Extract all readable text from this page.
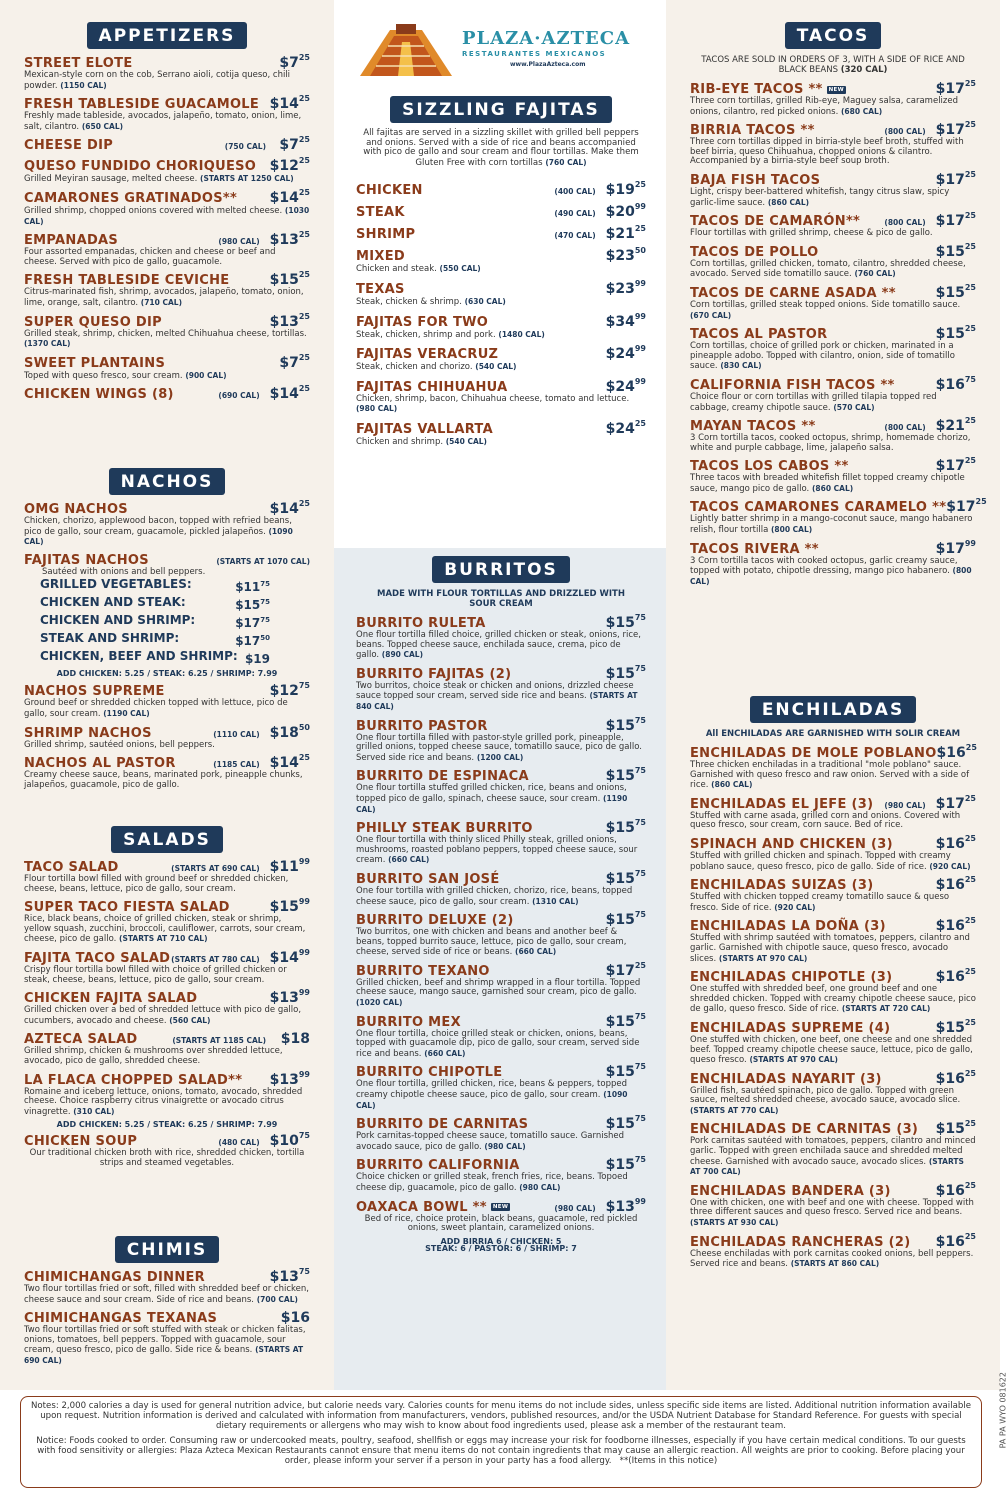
PLAZA·AZTECA
RESTAURANTES MEXICANOS
www.PlazaAzteca.com
APPETIZERS
STREET ELOTE	$\$7^{25}$
Mexican-style corn on the cob, Serrano aioli, cotija queso, chili powder. (1150 CAL)
FRESH TABLESIDE GUACAMOLE $\$14^{25}$
Freshly made tableside, avocados, jalapeño, tomato, onion, lime, salt, cilantro. (650 CAL)
CHEESE DIP	(750 CAL) $\$7^{25}$
QUESO FUNDIDO CHORIQUESO $\$12^{25}$
Grilled Meyiran sausage, melted cheese. (STARTS AT 1250 CAL)
CAMARONES GRATINADOS** $\$14^{25}$
Grilled shrimp, chopped onions covered with melted cheese. (1030 CAL)
EMPANADAS	(980 CAL) $\$13^{25}$
Four assorted empanadas, chicken and cheese or beef and cheese. Served with pico de gallo, guacamole.
FRESH TABLESIDE CEVICHE	$\$15^{25}$
Citrus-marinated fish, shrimp, avocados, jalapeño, tomato, onion, lime, orange, salt, cilantro. (710 CAL)
SUPER QUESO DIP	$\$13^{25}$
Grilled steak, shrimp, chicken, melted Chihuahua cheese, tortillas. (1370 CAL)
SWEET PLANTAINS	$\$7^{25}$
Toped with queso fresco, sour cream. (900 CAL)
CHICKEN WINGS (8)	(690 CAL) $\$14^{25}$
NACHOS
OMG NACHOS	$\$14^{25}$
Chicken, chorizo, applewood bacon, topped with refried beans, pico de gallo, sour cream, guacamole, pickled jalapeños. (1090 CAL)
FAJITAS NACHOS	(STARTS AT 1070 CAL)
Sautéed with onions and bell peppers.
GRILLED VEGETABLES:	$\$11^{75}$
CHICKEN AND STEAK:	$\$15^{75}$
CHICKEN AND SHRIMP:	$\$17^{75}$
STEAK AND SHRIMP:	$\$17^{50}$
CHICKEN, BEEF AND SHRIMP: $19
ADD CHICKEN: 5.25 / STEAK: 6.25 / SHRIMP: 7.99
NACHOS SUPREME	$\$12^{75}$
Ground beef or shredded chicken topped with lettuce, pico de gallo, sour cream. (1190 CAL)
SHRIMP NACHOS	(1110 CAL) $\$18^{50}$
Grilled shrimp, sautéed onions, bell peppers.
NACHOS AL PASTOR	(1185 CAL) $\$14^{25}$
Creamy cheese sauce, beans, marinated pork, pineapple chunks, jalapeños, guacamole, pico de gallo.
SALADS
TACO SALAD	(STARTS AT 690 CAL) $\$11^{99}$
Flour tortilla bowl filled with ground beef or shredded chicken, cheese, beans, lettuce, pico de gallo, sour cream.
SUPER TACO FIESTA SALAD	$\$15^{99}$
Rice, black beans, choice of grilled chicken, steak or shrimp, yellow squash, zucchini, broccoli, cauliflower, carrots, sour cream, cheese, pico de gallo. (STARTS AT 710 CAL)
FAJITA TACO SALAD (STARTS AT 780 CAL) $\$14^{99}$
Crispy flour tortilla bowl filled with choice of grilled chicken or steak, cheese, beans, lettuce, pico de gallo, sour cream.
CHICKEN FAJITA SALAD	$\$13^{99}$
Grilled chicken over a bed of shredded lettuce with pico de gallo, cucumbers, avocado and cheese. (560 CAL)
AZTECA SALAD	(STARTS AT 1185 CAL)	$18
Grilled shrimp, chicken & mushrooms over shredded lettuce, avocado, pico de gallo, shredded cheese.
LA FLACA CHOPPED SALAD** $\$13^{99}$
Romaine and iceberg lettuce, onions, tomato, avocado, shredded cheese. Choice raspberry citrus vinaigrette or avocado citrus vinagrette. (310 CAL)
ADD CHICKEN: 5.25 / STEAK: 6.25 / SHRIMP: 7.99
CHICKEN SOUP	(480 CAL) $\$10^{75}$
Our traditional chicken broth with rice, shredded chicken, tortilla strips and steamed vegetables.
CHIMIS
CHIMICHANGAS DINNER	$\$13^{75}$
Two flour tortillas fried or soft, filled with shredded beef or chicken, cheese sauce and sour cream. Side of rice and beans. (700 CAL)
CHIMICHANGAS TEXANAS	$16
Two flour tortillas fried or soft stuffed with steak or chicken falitas, onions, tomatoes, bell peppers. Topped with guacamole, sour cream, queso fresco, pico de gallo. Side rice & beans. (STARTS AT 690 CAL)
SIZZLING FAJITAS
All fajitas are served in a sizzling skillet with grilled bell peppers and onions. Served with a side of rice and beans accompanied with pico de gallo and sour cream and flour tortillas. Make them Gluten Free with corn tortillas (760 CAL)
CHICKEN	(400 CAL) $\$19^{25}$
STEAK	(490 CAL) $\$20^{99}$
SHRIMP	(470 CAL) $\$21^{25}$
MIXED	$\$23^{50}$
Chicken and steak. (550 CAL)
TEXAS	$\$23^{99}$
Steak, chicken & shrimp. (630 CAL)
FAJITAS FOR TWO	$\$34^{99}$
Steak, chicken, shrimp and pork. (1480 CAL)
FAJITAS VERACRUZ	$\$24^{99}$
Steak, chicken and chorizo. (540 CAL)
FAJITAS CHIHUAHUA	$\$24^{99}$
Chicken, shrimp, bacon, Chihuahua cheese, tomato and lettuce. (980 CAL)
FAJITAS VALLARTA	$\$24^{25}$
Chicken and shrimp. (540 CAL)
BURRITOS
MADE WITH FLOUR TORTILLAS AND DRIZZLED WITH SOUR CREAM
BURRITO RULETA	$\$15^{75}$
One flour tortilla filled choice, grilled chicken or steak, onions, rice, beans. Topped cheese sauce, enchilada sauce, crema, pico de gallo. (890 CAL)
BURRITO FAJITAS (2)	$\$15^{75}$
Two burritos, choice steak or chicken and onions, drizzled cheese sauce topped sour cream, served side rice and beans. (STARTS AT 840 CAL)
BURRITO PASTOR	$\$15^{75}$
One flour tortilla filled with pastor-style grilled pork, pineapple, grilled onions, topped cheese sauce, tomatillo sauce, pico de gallo. Served side rice and beans. (1200 CAL)
BURRITO DE ESPINACA	$\$15^{75}$
One flour tortilla stuffed grilled chicken, rice, beans and onions, topped pico de gallo, spinach, cheese sauce, sour cream. (1190 CAL)
PHILLY STEAK BURRITO	$\$15^{75}$
One flour tortilla with thinly sliced Philly steak, grilled onions, mushrooms, roasted poblano peppers, topped cheese sauce, sour cream. (660 CAL)
BURRITO SAN JOSÉ	$\$15^{75}$
One four tortilla with grilled chicken, chorizo, rice, beans, topped cheese sauce, pico de gallo, sour cream. (1310 CAL)
BURRITO DELUXE (2)	$\$15^{75}$
Two burritos, one with chicken and beans and another beef & beans, topped burrito sauce, lettuce, pico de gallo, sour cream, cheese, served side of rice or beans. (660 CAL)
BURRITO TEXANO	$\$17^{25}$
Grilled chicken, beef and shrimp wrapped in a flour tortilla. Topped cheese sauce, mango sauce, garnished sour cream, pico de gallo. (1020 CAL)
BURRITO MEX	$\$15^{75}$
One flour tortilla, choice grilled steak or chicken, onions, beans, topped with guacamole dip, pico de gallo, sour cream, served side rice and beans. (660 CAL)
BURRITO CHIPOTLE	$\$15^{75}$
One flour tortilla, grilled chicken, rice, beans & peppers, topped creamy chipotle cheese sauce, pico de gallo, sour cream. (1090 CAL)
BURRITO DE CARNITAS	$\$15^{75}$
Pork carnitas-topped cheese sauce, tomatillo sauce. Garnished avocado sauce, pico de gallo. (980 CAL)
BURRITO CALIFORNIA	$\$15^{75}$
Choice chicken or grilled steak, french fries, rice, beans. Topoed cheese dip, guacamole, pico de gallo. (980 CAL)
OAXACA BOWL ** NEW	(980 CAL) $\$13^{99}$
Bed of rice, choice protein, black beans, guacamole, red pickled onions, sweet plantain, caramelized onions.
ADD BIRRIA 6 / CHICKEN: 5
STEAK: 6 / PASTOR: 6 / SHRIMP: 7
TACOS
TACOS ARE SOLD IN ORDERS OF 3, WITH A SIDE OF RICE AND BLACK BEANS (320 CAL)
RIB-EYE TACOS ** NEW	$\$17^{25}$
Three corn tortillas, grilled Rib-eye, Maguey salsa, caramelized onions, cilantro, red picked onions. (680 CAL)
BIRRIA TACOS **	(800 CAL) $\$17^{25}$
Three corn tortillas dipped in birria-style beef broth, stuffed with beef birria, queso Chihuahua, chopped onions & cilantro. Accompanied by a birria-style beef soup broth.
BAJA FISH TACOS	$\$17^{25}$
Light, crispy beer-battered whitefish, tangy citrus slaw, spicy garlic-lime sauce. (860 CAL)
TACOS DE CAMARÓN**	(800 CAL) $\$17^{25}$
Flour tortillas with grilled shrimp, cheese & pico de gallo.
TACOS DE POLLO	$\$15^{25}$
Corn tortillas, grilled chicken, tomato, cilantro, shredded cheese, avocado. Served side tomatillo sauce. (760 CAL)
TACOS DE CARNE ASADA **	$\$15^{25}$
Corn tortillas, grilled steak topped onions. Side tomatillo sauce. (670 CAL)
TACOS AL PASTOR	$\$15^{25}$
Corn tortillas, choice of grilled pork or chicken, marinated in a pineapple adobo. Topped with cilantro, onion, side of tomatillo sauce. (830 CAL)
CALIFORNIA FISH TACOS **	$\$16^{75}$
Choice flour or corn tortillas with grilled tilapia topped red cabbage, creamy chipotle sauce. (570 CAL)
MAYAN TACOS **	(800 CAL) $\$21^{25}$
3 Corn tortilla tacos, cooked octopus, shrimp, homemade chorizo, white and purple cabbage, lime, jalapeño salsa.
TACOS LOS CABOS **	$\$17^{25}$
Three tacos with breaded whitefish fillet topped creamy chipotle sauce, mango pico de gallo. (860 CAL)
TACOS CAMARONES CARAMELO ** $\$17^{25}$
Lightly batter shrimp in a mango-coconut sauce, mango habanero relish, flour tortilla (800 CAL)
TACOS RIVERA **	$\$17^{99}$
3 Corn tortilla tacos with cooked octopus, garlic creamy sauce, topped with potato, chipotle dressing, mango pico habanero. (800 CAL)
ENCHILADAS
All ENCHILADAS ARE GARNISHED WITH SOLIR CREAM
ENCHILADAS DE MOLE POBLANO $\$16^{25}$
Three chicken enchiladas in a traditional "mole poblano" sauce. Garnished with queso fresco and raw onion. Served with a side of rice. (860 CAL)
ENCHILADAS EL JEFE (3) (980 CAL) $\$17^{25}$
Stuffed with carne asada, grilled corn and onions. Covered with queso fresco, sour cream, corn sauce. Bed of rice.
SPINACH AND CHICKEN (3)	$\$16^{25}$
Stuffed with grilled chicken and spinach. Topped with creamy poblano sauce, queso fresco, pico de gallo. Side of rice. (920 CAL)
ENCHILADAS SUIZAS (3)	$\$16^{25}$
Stuffed with chicken topped creamy tomatillo sauce & queso fresco. Side of rice. (920 CAL)
ENCHILADAS LA DOÑA (3)	$\$16^{25}$
Stuffed with shrimp sautéed with tomatoes, peppers, cilantro and garlic. Garnished with chipotle sauce, queso fresco, avocado slices. (STARTS AT 970 CAL)
ENCHILADAS CHIPOTLE (3)	$\$16^{25}$
One stuffed with shredded beef, one ground beef and one shredded chicken. Topped with creamy chipotle cheese sauce, pico de gallo, queso fresco. Side of rice. (STARTS AT 720 CAL)
ENCHILADAS SUPREME (4)	$\$15^{25}$
One stuffed with chicken, one beef, one cheese and one shredded beef. Topped creamy chipotle cheese sauce, lettuce, pico de gallo, queso fresco. (STARTS AT 970 CAL)
ENCHILADAS NAYARIT (3)	$\$16^{25}$
Grilled fish, sautéed spinach, pico de gallo. Topped with green sauce, melted shredded cheese, avocado sauce, avocado slice. (STARTS AT 770 CAL)
ENCHILADAS DE CARNITAS (3) $\$15^{25}$
Pork carnitas sautéed with tomatoes, peppers, cilantro and minced garlic. Topped with green enchilada sauce and shredded melted cheese. Garnished with avocado sauce, avocado slices. (STARTS AT 700 CAL)
ENCHILADAS BANDERA (3)	$\$16^{25}$
One with chicken, one with beef and one with cheese. Topped with three different sauces and queso fresco. Served rice and beans. (STARTS AT 930 CAL)
ENCHILADAS RANCHERAS (2) $\$16^{25}$
Cheese enchiladas with pork carnitas cooked onions, bell peppers. Served rice and beans. (STARTS AT 860 CAL)

Notes: 2,000 calories a day is used for general nutrition advice, but calorie needs vary. Calories counts for menu items do not include sides, unless specific side items are listed. Additional nutrition information available upon request. Nutrition information is derived and calculated with information from manufacturers, vendors, published resources, and/or the USDA Nutrient Database for Standard Reference. For guests with special dietary requirements or allergens who may wish to know about food ingredients used, please ask a member of the restaurant team.

Notice: Foods cooked to order. Consuming raw or undercooked meats, poultry, seafood, shellfish or eggs may increase your risk for foodborne illnesses, especially if you have certain medical conditions. To our guests with food sensitivity or allergies: Plaza Azteca Mexican Restaurants cannot ensure that menu items do not contain ingredients that may cause an allergic reaction. All weights are prior to cooking. Before placing your order, please inform your server if a person in your party has a food allergy. **(Items in this notice)

PA PA WYO 081622
